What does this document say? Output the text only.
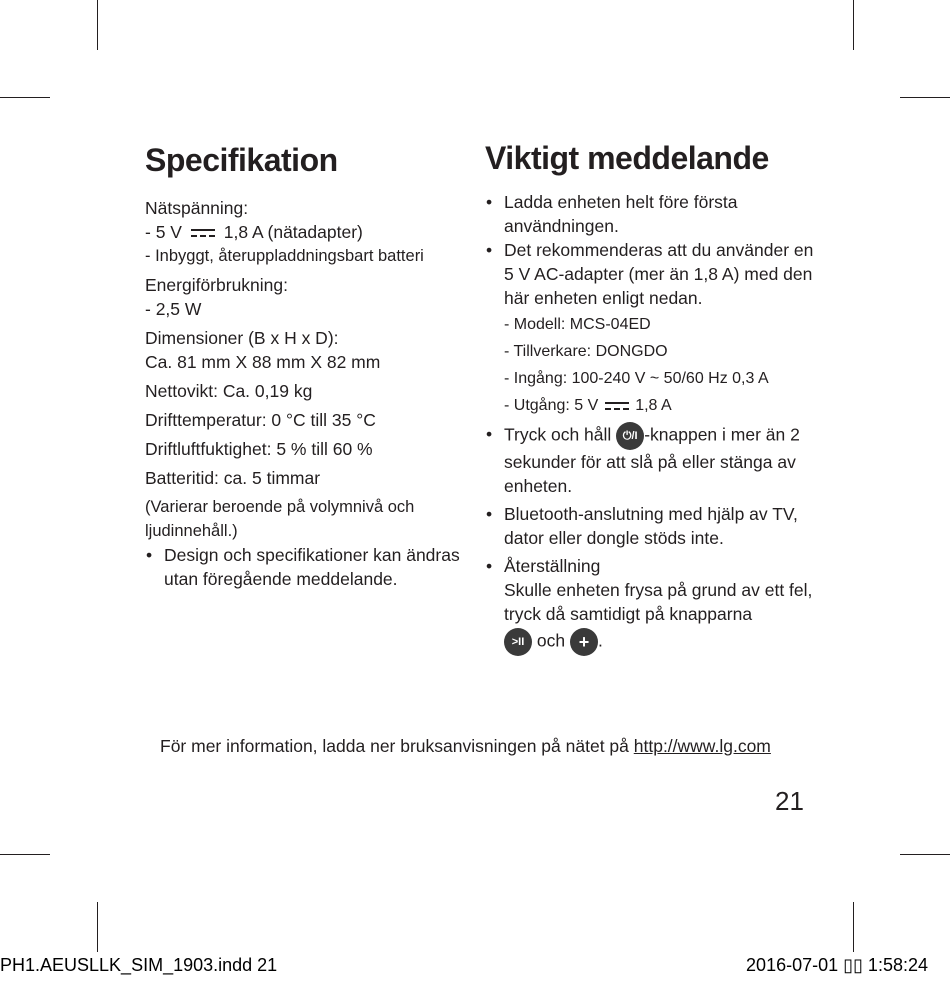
Specifikation
Nätspänning:
- 5 V 1,8 A (nätadapter)
- Inbyggt, återuppladdningsbart batteri
Energiförbrukning:
- 2,5 W
Dimensioner (B x H x D):
Ca. 81 mm X 88 mm X 82 mm
Nettovikt: Ca. 0,19 kg
Drifttemperatur: 0 °C till 35 °C
Driftluftfuktighet: 5 % till 60 %
Batteritid: ca. 5 timmar
(Varierar beroende på volymnivå och ljudinnehåll.)
• Design och specifikationer kan ändras utan föregående meddelande.
Viktigt meddelande
• Ladda enheten helt före första användningen.
• Det rekommenderas att du använder en 5 V AC-adapter (mer än 1,8 A) med den här enheten enligt nedan.
- Modell: MCS-04ED
- Tillverkare: DONGDO
- Ingång: 100-240 V ~ 50/60 Hz 0,3 A
- Utgång: 5 V 1,8 A
• Tryck och håll ⏻/I -knappen i mer än 2 sekunder för att slå på eller stänga av enheten.
• Bluetooth-anslutning med hjälp av TV, dator eller dongle stöds inte.
• Återställning
Skulle enheten frysa på grund av ett fel, tryck då samtidigt på knapparna
>II och + .
För mer information, ladda ner bruksanvisningen på nätet på http://www.lg.com
21
PH1.AEUSLLK_SIM_1903.indd 21	2016-07-01 ▯▯ 1:58:24
